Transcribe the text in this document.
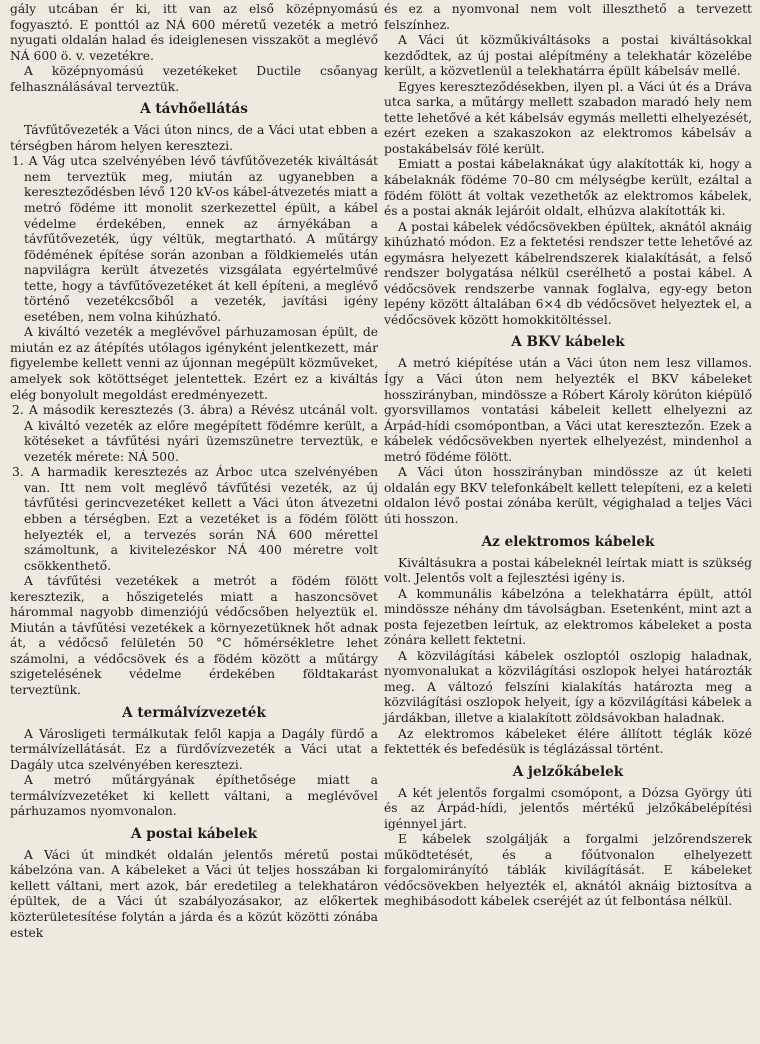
gály utcában ér ki, itt van az első középnyomású fogyasztó. E ponttól az NÁ 600 méretű vezeték a metró nyugati oldalán halad és ideiglenesen visszaköt a meglévő NÁ 600 ö. v. vezetékre.

A középnyomású vezetékeket Ductile csőanyag felhasználásával terveztük.

A távhőellátás

Távfűtővezeték a Váci úton nincs, de a Váci utat ebben a térségben három helyen keresztezi.

1. A Vág utca szelvényében lévő távfűtővezeték kiváltását nem terveztük meg, miután az ugyanebben a kereszteződésben lévő 120 kV-os kábel-átvezetés miatt a metró födéme itt monolit szerkezettel épült, a kábel védelme érdekében, ennek az árnyékában a távfűtővezeték, úgy véltük, megtartható. A műtárgy födémének építése során azonban a földkiemelés után napvilágra került átvezetés vizsgálata egyértelművé tette, hogy a távfűtővezetéket át kell építeni, a meglévő történő vezetékcsőből a vezeték, javítási igény esetében, nem volna kihúzható.

A kiváltó vezeték a meglévővel párhuzamosan épült, de miután ez az átépítés utólagos igényként jelentkezett, már figyelembe kellett venni az újonnan megépült közműveket, amelyek sok kötöttséget jelentettek. Ezért ez a kiváltás elég bonyolult megoldást eredményezett.

2. A második keresztezés (3. ábra) a Révész utcánál volt. A kiváltó vezeték az előre megépített födémre került, a kötéseket a távfűtési nyári üzemszünetre terveztük, e vezeték mérete: NÁ 500.

3. A harmadik keresztezés az Árboc utca szelvényében van. Itt nem volt meglévő távfűtési vezeték, az új távfűtési gerincvezetéket kellett a Váci úton átvezetni ebben a térségben. Ezt a vezetéket is a födém fölött helyezték el, a tervezés során NÁ 600 mérettel számoltunk, a kivitelezéskor NÁ 400 méretre volt csökkenthető.

A távfűtési vezetékek a metrót a födém fölött keresztezik, a hőszigetelés miatt a haszoncsövet hárommal nagyobb dimenziójú védőcsőben helyeztük el. Miután a távfűtési vezetékek a környezetüknek hőt adnak át, a védőcső felületén 50 °C hőmérsékletre lehet számolni, a védőcsövek és a födém között a műtárgy szigetelésének védelme érdekében földtakarást terveztünk.

A termálvízvezeték

A Városligeti termálkutak felől kapja a Dagály fürdő a termálvízellátását. Ez a fürdővízvezeték a Váci utat a Dagály utca szelvényében keresztezi.

A metró műtárgyának építhetősége miatt a termálvízvezetéket ki kellett váltani, a meglévővel párhuzamos nyomvonalon.

A postai kábelek

A Váci út mindkét oldalán jelentős méretű postai kábelzóna van. A kábeleket a Váci út teljes hosszában ki kellett váltani, mert azok, bár eredetileg a telekhatáron épültek, de a Váci út szabályozásakor, az előkertek közterületesítése folytán a járda és a közút közötti zónába estek

és ez a nyomvonal nem volt illeszthető a tervezett felszínhez.

A Váci út közműkiváltásoks a postai kiváltásokkal kezdődtek, az új postai alépítmény a telekhatár közelébe került, a közvetlenül a telekhatárra épült kábelsáv mellé.

Egyes kereszteződésekben, ilyen pl. a Váci út és a Dráva utca sarka, a műtárgy mellett szabadon maradó hely nem tette lehetővé a két kábelsáv egymás melletti elhelyezését, ezért ezeken a szakaszokon az elektromos kábelsáv a postakábelsáv fölé került.

Emiatt a postai kábelaknákat úgy alakították ki, hogy a kábelaknák födéme 70–80 cm mélységbe került, ezáltal a födém fölött át voltak vezethetők az elektromos kábelek, és a postai aknák lejáróit oldalt, elhúzva alakították ki.

A postai kábelek védőcsövekben épültek, aknától aknáig kihúzható módon. Ez a fektetési rendszer tette lehetővé az egymásra helyezett kábelrendszerek kialakítását, a felső rendszer bolygatása nélkül cserélhető a postai kábel. A védőcsövek rendszerbe vannak foglalva, egy-egy beton lepény között általában 6×4 db védőcsövet helyeztek el, a védőcsövek között homokkitöltéssel.

A BKV kábelek

A metró kiépítése után a Váci úton nem lesz villamos. Így a Váci úton nem helyezték el BKV kábeleket hosszirányban, mindössze a Róbert Károly körúton kiépülő gyorsvillamos vontatási kábeleit kellett elhelyezni az Árpád-hídi csomópontban, a Váci utat keresztezőn. Ezek a kábelek védőcsövekben nyertek elhelyezést, mindenhol a metró födéme fölött.

A Váci úton hosszirányban mindössze az út keleti oldalán egy BKV telefonkábelt kellett telepíteni, ez a keleti oldalon lévő postai zónába került, végighalad a teljes Váci úti hosszon.

Az elektromos kábelek

Kiváltásukra a postai kábeleknél leírtak miatt is szükség volt. Jelentős volt a fejlesztési igény is.

A kommunális kábelzóna a telekhatárra épült, attól mindössze néhány dm távolságban. Esetenként, mint azt a posta fejezetben leírtuk, az elektromos kábeleket a posta zónára kellett fektetni.

A közvilágítási kábelek oszloptól oszlopig haladnak, nyomvonalukat a közvilágítási oszlopok helyei határozták meg. A változó felszíni kialakítás határozta meg a közvilágítási oszlopok helyeit, így a közvilágítási kábelek a járdákban, illetve a kialakított zöldsávokban haladnak.

Az elektromos kábeleket élére állított téglák közé fektették és befedésük is téglázással történt.

A jelzőkábelek

A két jelentős forgalmi csomópont, a Dózsa György úti és az Árpád-hídi, jelentős mértékű jelzőkábelépítési igénnyel járt.

E kábelek szolgálják a forgalmi jelzőrendszerek működtetését, és a főútvonalon elhelyezett forgalomirányító táblák kivilágítását. E kábeleket védőcsövekben helyezték el, aknától aknáig biztosítva a meghibásodott kábelek cseréjét az út felbontása nélkül.
